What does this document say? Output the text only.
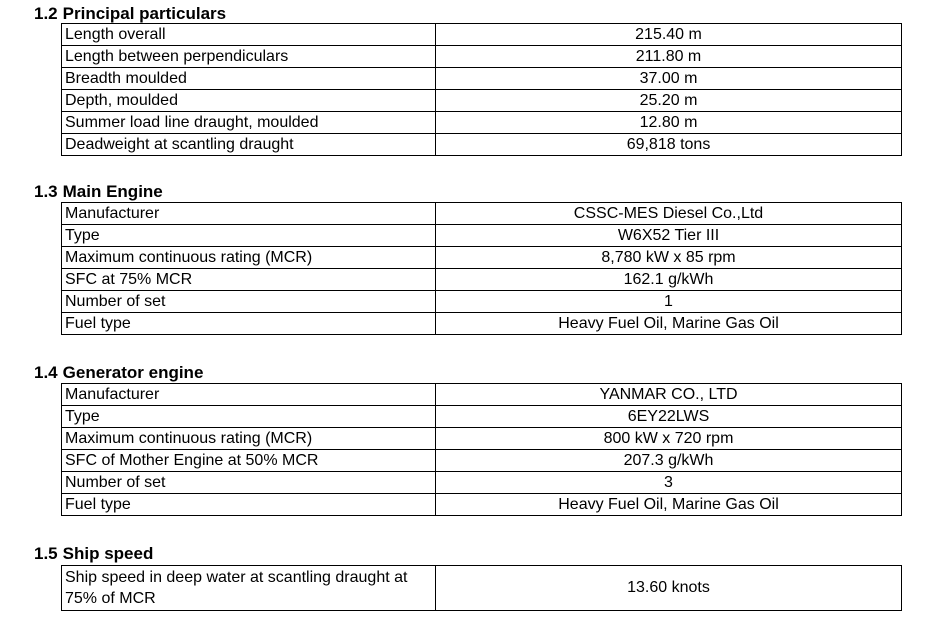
1.2 Principal particulars
Length overall	215.40 m
Length between perpendiculars	211.80 m
Breadth moulded	37.00 m
Depth, moulded	25.20 m
Summer load line draught, moulded	12.80 m
Deadweight at scantling draught	69,818 tons
1.3 Main Engine
Manufacturer	CSSC-MES Diesel Co.,Ltd
Type	W6X52 Tier III
Maximum continuous rating (MCR)	8,780 kW x 85 rpm
SFC at 75% MCR	162.1 g/kWh
Number of set	1
Fuel type	Heavy Fuel Oil, Marine Gas Oil
1.4 Generator engine
Manufacturer	YANMAR CO., LTD
Type	6EY22LWS
Maximum continuous rating (MCR)	800 kW x 720 rpm
SFC of Mother Engine at 50% MCR	207.3 g/kWh
Number of set	3
Fuel type	Heavy Fuel Oil, Marine Gas Oil
1.5 Ship speed
Ship speed in deep water at scantling draught at 75% of MCR	13.60 knots
